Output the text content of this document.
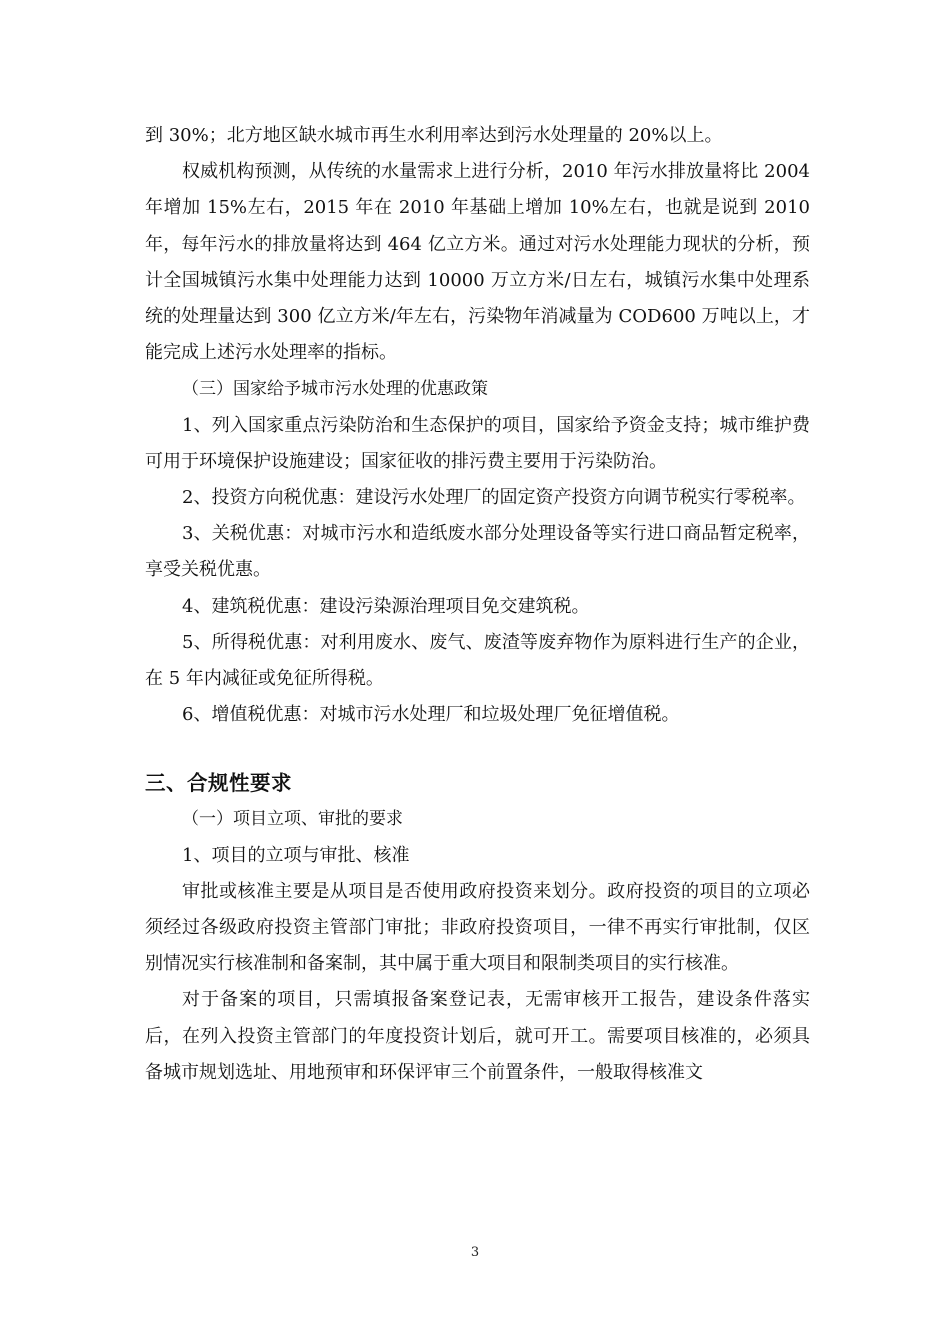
到 30%；北方地区缺水城市再生水利用率达到污水处理量的 20%以上。

权威机构预测，从传统的水量需求上进行分析，2010 年污水排放量将比 2004 年增加 15%左右，2015 年在 2010 年基础上增加 10%左右，也就是说到 2010 年，每年污水的排放量将达到 464 亿立方米。通过对污水处理能力现状的分析，预计全国城镇污水集中处理能力达到 10000 万立方米/日左右，城镇污水集中处理系统的处理量达到 300 亿立方米/年左右，污染物年消减量为 COD600 万吨以上，才能完成上述污水处理率的指标。

（三）国家给予城市污水处理的优惠政策

1、列入国家重点污染防治和生态保护的项目，国家给予资金支持；城市维护费可用于环境保护设施建设；国家征收的排污费主要用于污染防治。

2、投资方向税优惠：建设污水处理厂的固定资产投资方向调节税实行零税率。

3、关税优惠：对城市污水和造纸废水部分处理设备等实行进口商品暂定税率，享受关税优惠。

4、建筑税优惠：建设污染源治理项目免交建筑税。

5、所得税优惠：对利用废水、废气、废渣等废弃物作为原料进行生产的企业，在 5 年内减征或免征所得税。

6、增值税优惠：对城市污水处理厂和垃圾处理厂免征增值税。

三、合规性要求

（一）项目立项、审批的要求

1、项目的立项与审批、核准

审批或核准主要是从项目是否使用政府投资来划分。政府投资的项目的立项必须经过各级政府投资主管部门审批；非政府投资项目，一律不再实行审批制，仅区别情况实行核准制和备案制，其中属于重大项目和限制类项目的实行核准。

对于备案的项目，只需填报备案登记表，无需审核开工报告，建设条件落实后，在列入投资主管部门的年度投资计划后，就可开工。需要项目核准的，必须具备城市规划选址、用地预审和环保评审三个前置条件，一般取得核准文

3
